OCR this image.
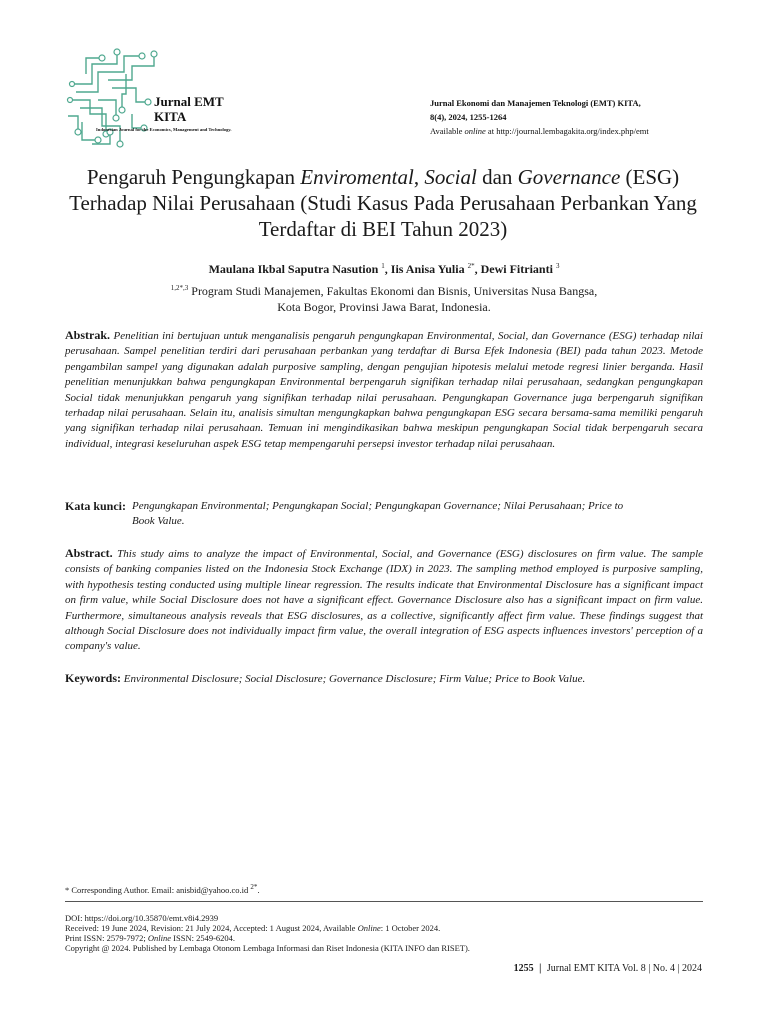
Jurnal EMT
KITA
Indonesian Journal for the Economics, Management and Technology.
Jurnal Ekonomi dan Manajemen Teknologi (EMT) KITA,
8(4), 2024, 1255-1264
Available online at http://journal.lembagakita.org/index.php/emt
Pengaruh Pengungkapan Enviromental, Social dan Governance (ESG) Terhadap Nilai Perusahaan (Studi Kasus Pada Perusahaan Perbankan Yang Terdaftar di BEI Tahun 2023)
Maulana Ikbal Saputra Nasution $^1$, Iis Anisa Yulia $^{2*}$, Dewi Fitrianti $^3$
$^{1,2*,3}$ Program Studi Manajemen, Fakultas Ekonomi dan Bisnis, Universitas Nusa Bangsa,
Kota Bogor, Provinsi Jawa Barat, Indonesia.
Abstrak. Penelitian ini bertujuan untuk menganalisis pengaruh pengungkapan Environmental, Social, dan Governance (ESG) terhadap nilai perusahaan. Sampel penelitian terdiri dari perusahaan perbankan yang terdaftar di Bursa Efek Indonesia (BEI) pada tahun 2023. Metode pengambilan sampel yang digunakan adalah purposive sampling, dengan pengujian hipotesis melalui metode regresi linier berganda. Hasil penelitian menunjukkan bahwa pengungkapan Environmental berpengaruh signifikan terhadap nilai perusahaan, sedangkan pengungkapan Social tidak menunjukkan pengaruh yang signifikan terhadap nilai perusahaan. Pengungkapan Governance juga berpengaruh signifikan terhadap nilai perusahaan. Selain itu, analisis simultan mengungkapkan bahwa pengungkapan ESG secara bersama-sama memiliki pengaruh yang signifikan terhadap nilai perusahaan. Temuan ini mengindikasikan bahwa meskipun pengungkapan Social tidak berpengaruh secara individual, integrasi keseluruhan aspek ESG tetap mempengaruhi persepsi investor terhadap nilai perusahaan.
Kata kunci: Pengungkapan Environmental; Pengungkapan Social; Pengungkapan Governance; Nilai Perusahaan; Price to
Book Value.
Abstract. This study aims to analyze the impact of Environmental, Social, and Governance (ESG) disclosures on firm value. The sample consists of banking companies listed on the Indonesia Stock Exchange (IDX) in 2023. The sampling method employed is purposive sampling, with hypothesis testing conducted using multiple linear regression. The results indicate that Environmental Disclosure has a significant impact on firm value, while Social Disclosure does not have a significant effect. Governance Disclosure also has a significant impact on firm value. Furthermore, simultaneous analysis reveals that ESG disclosures, as a collective, significantly affect firm value. These findings suggest that although Social Disclosure does not individually impact firm value, the overall integration of ESG aspects influences investors' perception of a company's value.
Keywords: Environmental Disclosure; Social Disclosure; Governance Disclosure; Firm Value; Price to Book Value.
* Corresponding Author. Email: anisbid@yahoo.co.id $^{2*}$.
DOI: https://doi.org/10.35870/emt.v8i4.2939
Received: 19 June 2024, Revision: 21 July 2024, Accepted: 1 August 2024, Available Online: 1 October 2024.
Print ISSN: 2579-7972; Online ISSN: 2549-6204.
Copyright @ 2024. Published by Lembaga Otonom Lembaga Informasi dan Riset Indonesia (KITA INFO dan RISET).
1255 | Jurnal EMT KITA Vol. 8 | No. 4 | 2024
